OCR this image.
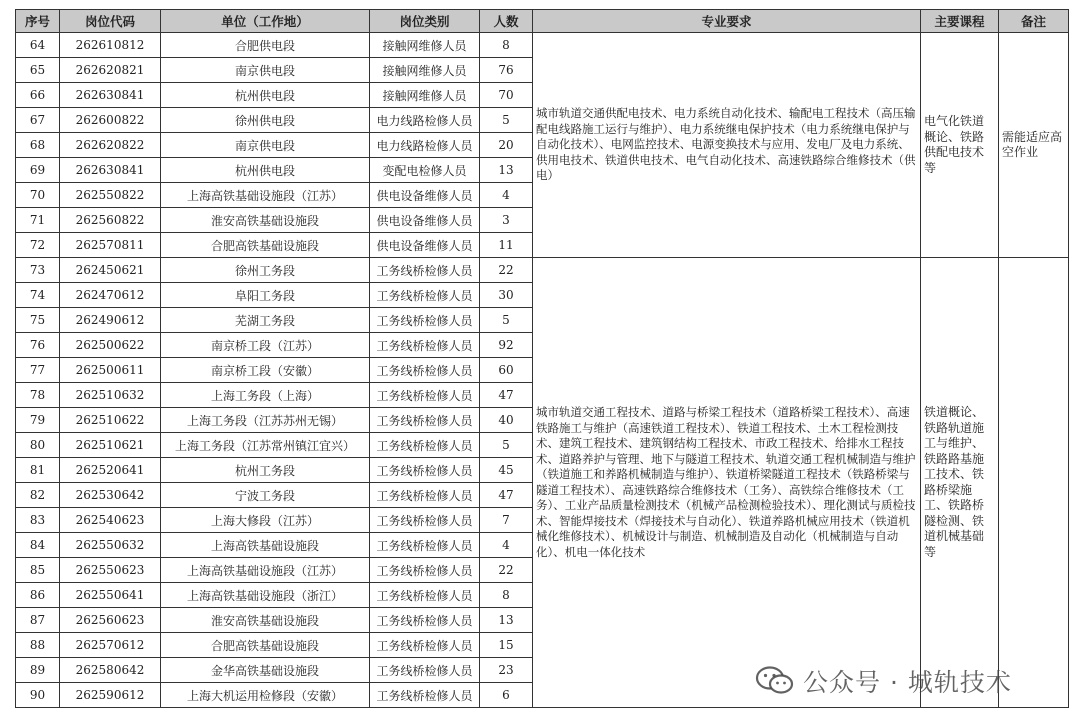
序号	岗位代码	单位（工作地）	岗位类别	人数	专业要求	主要课程	备注
64	262610812	合肥供电段	接触网维修人员	8	城市轨道交通供配电技术、电力系统自动化技术、输配电工程技术（高压输配电线路施工运行与维护）、电力系统继电保护技术（电力系统继电保护与自动化技术）、电网监控技术、电源变换技术与应用、发电厂及电力系统、供用电技术、铁道供电技术、电气自动化技术、高速铁路综合维修技术（供电）	电气化铁道概论、铁路供配电技术等	需能适应高空作业
65	262620821	南京供电段	接触网维修人员	76			
66	262630841	杭州供电段	接触网维修人员	70			
67	262600822	徐州供电段	电力线路检修人员	5			
68	262620822	南京供电段	电力线路检修人员	20			
69	262630841	杭州供电段	变配电检修人员	13			
70	262550822	上海高铁基础设施段（江苏）	供电设备维修人员	4			
71	262560822	淮安高铁基础设施段	供电设备维修人员	3			
72	262570811	合肥高铁基础设施段	供电设备维修人员	11			
73	262450621	徐州工务段	工务线桥检修人员	22	城市轨道交通工程技术、道路与桥梁工程技术（道路桥梁工程技术）、高速铁路施工与维护（高速铁道工程技术）、铁道工程技术、土木工程检测技术、建筑工程技术、建筑钢结构工程技术、市政工程技术、给排水工程技术、道路养护与管理、地下与隧道工程技术、轨道交通工程机械制造与维护（铁道施工和养路机械制造与维护）、铁道桥梁隧道工程技术（铁路桥梁与隧道工程技术）、高速铁路综合维修技术（工务）、高铁综合维修技术（工务）、工业产品质量检测技术（机械产品检测检验技术）、理化测试与质检技术、智能焊接技术（焊接技术与自动化）、铁道养路机械应用技术（铁道机械化维修技术）、机械设计与制造、机械制造及自动化（机械制造与自动化）、机电一体化技术	铁道概论、铁路轨道施工与维护、铁路路基施工技术、铁路桥梁施工、铁路桥隧检测、铁道机械基础等	
74	262470612	阜阳工务段	工务线桥检修人员	30			
75	262490612	芜湖工务段	工务线桥检修人员	5			
76	262500622	南京桥工段（江苏）	工务线桥检修人员	92			
77	262500611	南京桥工段（安徽）	工务线桥检修人员	60			
78	262510632	上海工务段（上海）	工务线桥检修人员	47			
79	262510622	上海工务段（江苏苏州无锡）	工务线桥检修人员	40			
80	262510621	上海工务段（江苏常州镇江宜兴）	工务线桥检修人员	5			
81	262520641	杭州工务段	工务线桥检修人员	45			
82	262530642	宁波工务段	工务线桥检修人员	47			
83	262540623	上海大修段（江苏）	工务线桥检修人员	7			
84	262550632	上海高铁基础设施段	工务线桥检修人员	4			
85	262550623	上海高铁基础设施段（江苏）	工务线桥检修人员	22			
86	262550641	上海高铁基础设施段（浙江）	工务线桥检修人员	8			
87	262560623	淮安高铁基础设施段	工务线桥检修人员	13			
88	262570612	合肥高铁基础设施段	工务线桥检修人员	15			
89	262580642	金华高铁基础设施段	工务线桥检修人员	23			
90	262590612	上海大机运用检修段（安徽）	工务线桥检修人员	6				公众号 · 城轨技术
